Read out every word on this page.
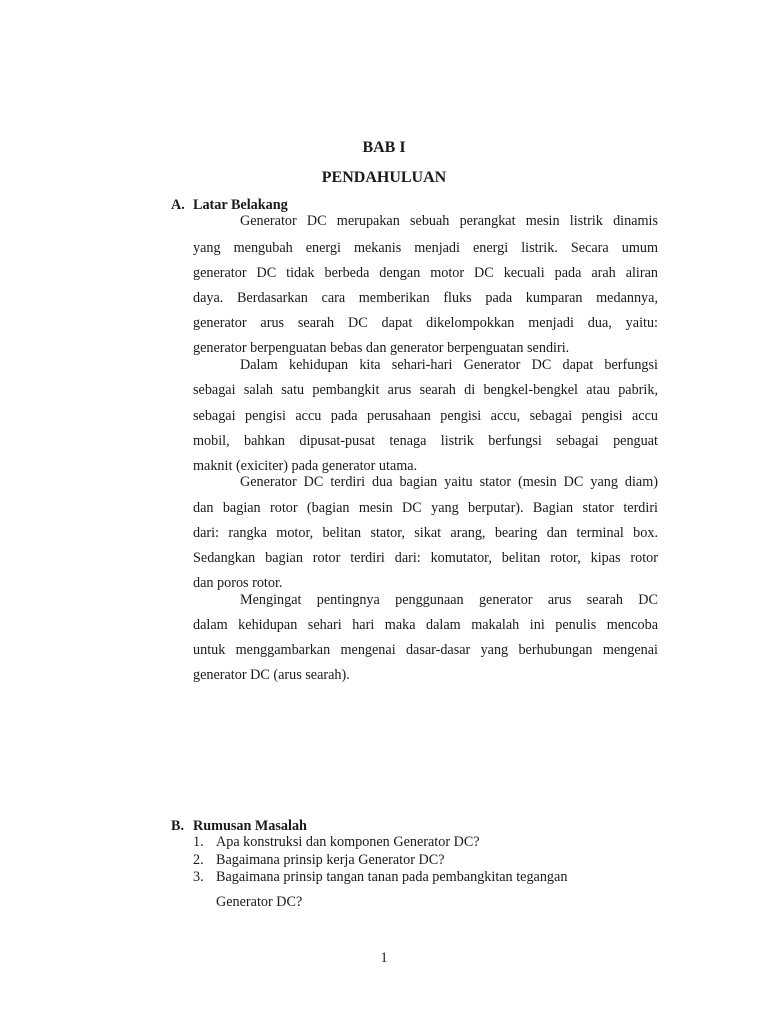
BAB I
PENDAHULUAN
A. Latar Belakang
Generator DC merupakan sebuah perangkat mesin listrik dinamis
yang mengubah energi mekanis menjadi energi listrik. Secara umum
generator DC tidak berbeda dengan motor DC kecuali pada arah aliran
daya. Berdasarkan cara memberikan fluks pada kumparan medannya,
generator arus searah DC dapat dikelompokkan menjadi dua, yaitu:
generator berpenguatan bebas dan generator berpenguatan sendiri.
Dalam kehidupan kita sehari-hari Generator DC dapat berfungsi
sebagai salah satu pembangkit arus searah di bengkel-bengkel atau pabrik,
sebagai pengisi accu pada perusahaan pengisi accu, sebagai pengisi accu
mobil, bahkan dipusat-pusat tenaga listrik berfungsi sebagai penguat
maknit (exiciter) pada generator utama.
Generator DC terdiri dua bagian yaitu stator (mesin DC yang diam)
dan bagian rotor (bagian mesin DC yang berputar). Bagian stator terdiri
dari: rangka motor, belitan stator, sikat arang, bearing dan terminal box.
Sedangkan bagian rotor terdiri dari: komutator, belitan rotor, kipas rotor
dan poros rotor.
Mengingat pentingnya penggunaan generator arus searah DC
dalam kehidupan sehari hari maka dalam makalah ini penulis mencoba
untuk menggambarkan mengenai dasar-dasar yang berhubungan mengenai
generator DC (arus searah).
B. Rumusan Masalah
1. Apa konstruksi dan komponen Generator DC?
2. Bagaimana prinsip kerja Generator DC?
3. Bagaimana prinsip tangan tanan pada pembangkitan tegangan
Generator DC?
1
